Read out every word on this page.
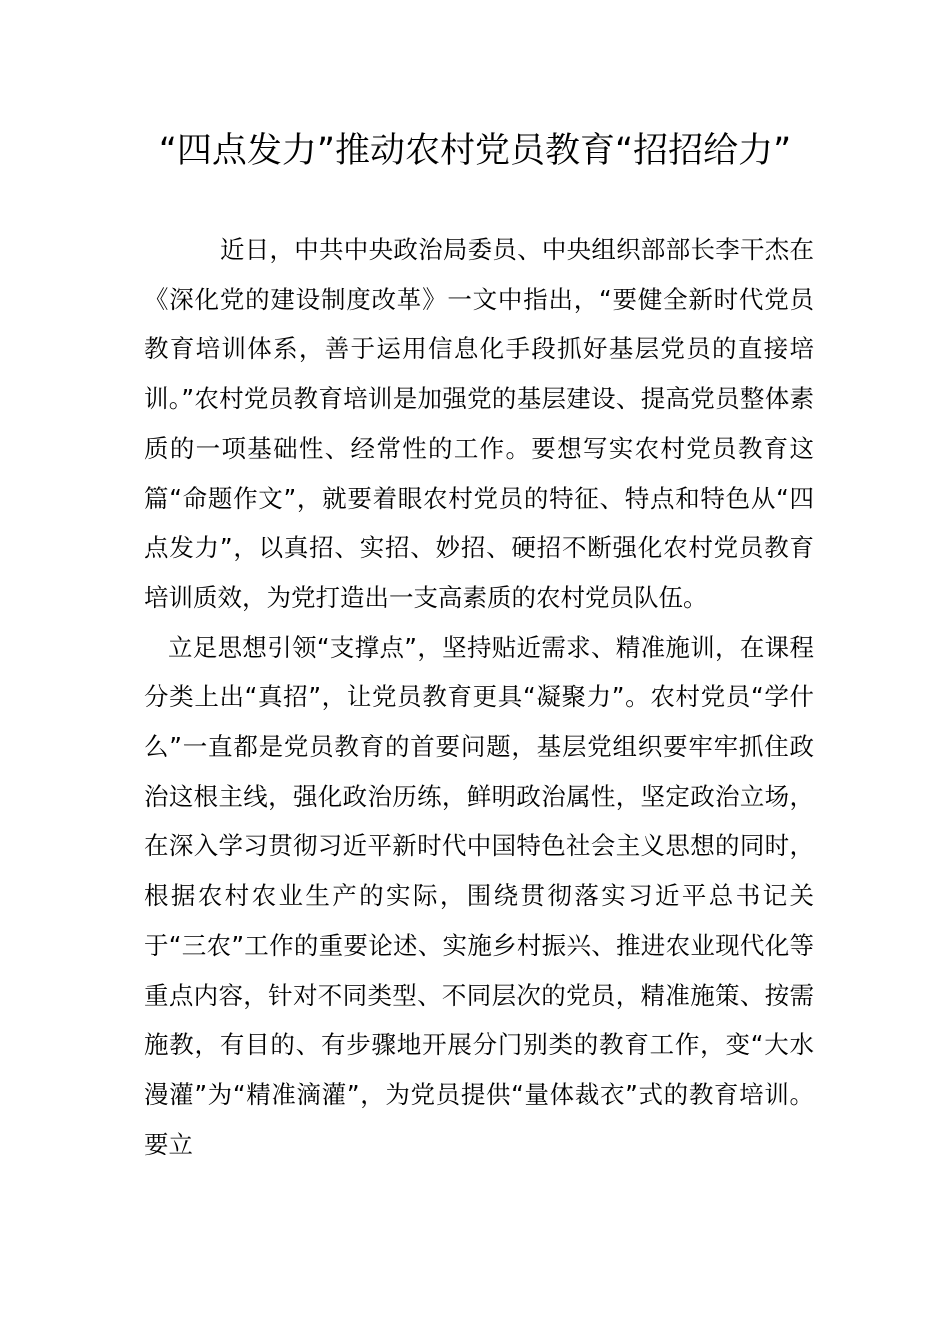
“四点发力”推动农村党员教育“招招给力”

近日，中共中央政治局委员、中央组织部部长李干杰在《深化党的建设制度改革》一文中指出，“要健全新时代党员教育培训体系，善于运用信息化手段抓好基层党员的直接培训。”农村党员教育培训是加强党的基层建设、提高党员整体素质的一项基础性、经常性的工作。要想写实农村党员教育这篇“命题作文”，就要着眼农村党员的特征、特点和特色从“四点发力”，以真招、实招、妙招、硬招不断强化农村党员教育培训质效，为党打造出一支高素质的农村党员队伍。

立足思想引领“支撑点”，坚持贴近需求、精准施训，在课程分类上出“真招”，让党员教育更具“凝聚力”。农村党员“学什么”一直都是党员教育的首要问题，基层党组织要牢牢抓住政治这根主线，强化政治历练，鲜明政治属性，坚定政治立场，在深入学习贯彻习近平新时代中国特色社会主义思想的同时，根据农村农业生产的实际，围绕贯彻落实习近平总书记关于“三农”工作的重要论述、实施乡村振兴、推进农业现代化等重点内容，针对不同类型、不同层次的党员，精准施策、按需施教，有目的、有步骤地开展分门别类的教育工作，变“大水漫灌”为“精准滴灌”，为党员提供“量体裁衣”式的教育培训。要立
